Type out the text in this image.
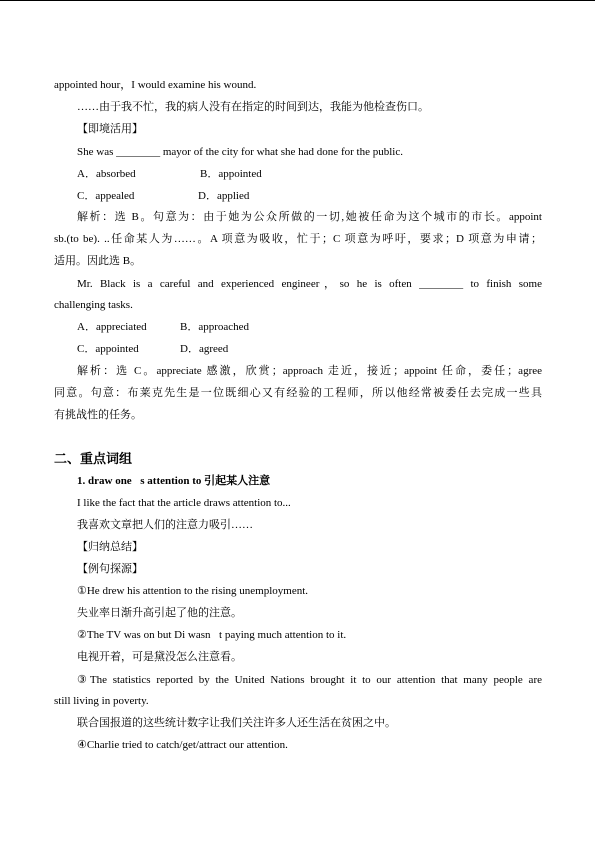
appointed hour，I would examine his wound.
……由于我不忙，我的病人没有在指定的时间到达，我能为他检查伤口。
【即境活用】
She was ________ mayor of the city for what she had done for the public.
A．absorbed	B．appointed
C．appealed	D．applied
解析：选 B。句意为：由于她为公众所做的一切,她被任命为这个城市的市长。appoint
sb.(to be). ..任命某人为……。A 项意为吸收，忙于；C 项意为呼吁，要求；D 项意为申请；
适用。因此选 B。
Mr. Black is a careful and experienced engineer，so he is often ________ to finish some
challenging tasks.
A．appreciated	B．approached
C．appointed	D．agreed
解析：选 C。appreciate 感激，欣赏；approach 走近，接近；appoint 任命，委任；agree
同意。句意：布莱克先生是一位既细心又有经验的工程师，所以他经常被委任去完成一些具
有挑战性的任务。
二、重点词组
1. draw one s attention to 引起某人注意
I like the fact that the article draws attention to...
我喜欢文章把人们的注意力吸引……
【归纳总结】
【例句探源】
①He drew his attention to the rising unemployment.
失业率日渐升高引起了他的注意。
②The TV was on but Di wasn t paying much attention to it.
电视开着，可是黛没怎么注意看。
③The statistics reported by the United Nations brought it to our attention that many people are
still living in poverty.
联合国报道的这些统计数字让我们关注许多人还生活在贫困之中。
④Charlie tried to catch/get/attract our attention.
